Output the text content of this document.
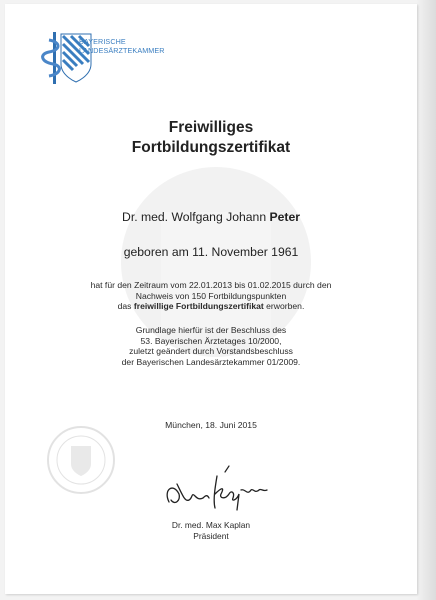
BAYERISCHE
LANDESÄRZTEKAMMER
Freiwilliges
Fortbildungszertifikat
Dr. med. Wolfgang Johann Peter
geboren am 11. November 1961
hat für den Zeitraum vom 22.01.2013 bis 01.02.2015 durch den
Nachweis von 150 Fortbildungspunkten
das freiwillige Fortbildungszertifikat erworben.
Grundlage hierfür ist der Beschluss des
53. Bayerischen Ärztetages 10/2000,
zuletzt geändert durch Vorstandsbeschluss
der Bayerischen Landesärztekammer 01/2009.
München, 18. Juni 2015
Dr. med. Max Kaplan
Präsident
